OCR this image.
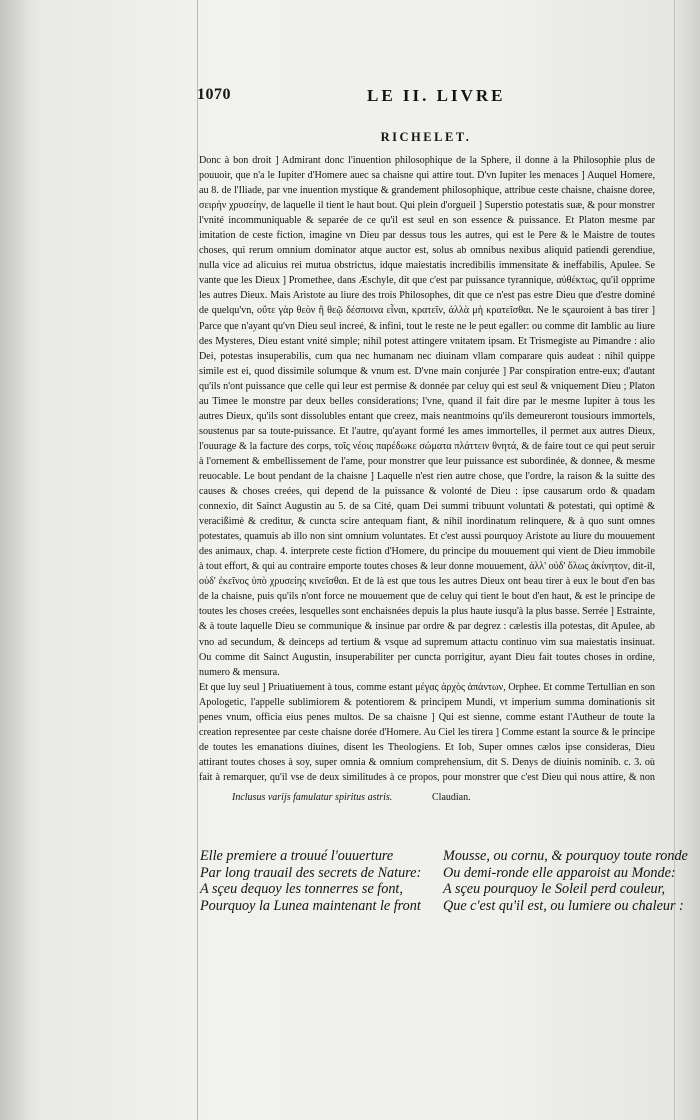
1070	LE II. LIVRE
RICHELET.

Donc à bon droit ] Admirant donc l'inuention philosophique de la Sphere, il donne à la Philosophie plus de pouuoir, que n'a le Iupiter d'Homere auec sa chaisne qui attire tout. D'vn Iupiter les menaces ] Auquel Homere, au 8. de l'Iliade, par vne inuention mystique & grandement philosophique, attribue ceste chaisne, chaisne doree, σειρὴν χρυσείην, de laquelle il tient le haut bout. Qui plein d'orgueil ] Superstio potestatis suæ, & pour monstrer l'vnité incommuniquable & separée de ce qu'il est seul en son essence & puissance. Et Platon mesme par imitation de ceste fiction, imagine vn Dieu par dessus tous les autres, qui est le Pere & le Maistre de toutes choses, qui rerum omnium dominator atque auctor est, solus ab omnibus nexibus aliquid patiendi gerendiue, nulla vice ad alicuius rei mutua obstrictus, idque maiestatis incredibilis immensitate & ineffabilis, Apulee. Se vante que les Dieux ] Promethee, dans Æschyle, dit que c'est par puissance tyrannique, αὐθέκτως, qu'il opprime les autres Dieux. Mais Aristote au liure des trois Philosophes, dit que ce n'est pas estre Dieu que d'estre dominé de quelqu'vn, οὔτε γὰρ θεὸν ἢ θεῷ δέσποινα εἶναι, κρατεῖν, ἀλλὰ μὴ κρατεῖσθαι. Ne le sçauroient à bas tirer ] Parce que n'ayant qu'vn Dieu seul increé, & infini, tout le reste ne le peut egaller: ou comme dit Iamblic au liure des Mysteres, Dieu estant vnité simple; nihil potest attingere vnitatem ipsam. Et Trismegiste au Pimandre : alio Dei, potestas insuperabilis, cum qua nec humanam nec diuinam vllam comparare quis audeat : nihil quippe simile est ei, quod dissimile solumque & vnum est. D'vne main conjurée ] Par conspiration entre-eux; d'autant qu'ils n'ont puissance que celle qui leur est permise & donnée par celuy qui est seul & vniquement Dieu ; Platon au Timee le monstre par deux belles considerations; l'vne, quand il fait dire par le mesme Iupiter à tous les autres Dieux, qu'ils sont dissolubles entant que creez, mais neantmoins qu'ils demeureront tousiours immortels, soustenus par sa toute-puissance. Et l'autre, qu'ayant formé les ames immortelles, il permet aux autres Dieux, l'ouurage & la facture des corps, τοῖς νέοις παρέδωκε σώματα πλάττειν θνητά, & de faire tout ce qui peut seruir à l'ornement & embellissement de l'ame, pour monstrer que leur puissance est subordinée, & donnee, & mesme reuocable. Le bout pendant de la chaisne ] Laquelle n'est rien autre chose, que l'ordre, la raison & la suitte des causes & choses creées, qui depend de la puissance & volonté de Dieu : ipse causarum ordo & quadam connexio, dit Sainct Augustin au 5. de sa Cité, quam Dei summi tribuunt voluntati & potestati, qui optimè & veracißimè & creditur, & cuncta scire antequam fiant, & nihil inordinatum relinquere, & à quo sunt omnes potestates, quamuis ab illo non sint omnium voluntates. Et c'est aussi pourquoy Aristote au liure du mouuement des animaux, chap. 4. interprete ceste fiction d'Homere, du principe du mouuement qui vient de Dieu immobile à tout effort, & qui au contraire emporte toutes choses & leur donne mouuement, ἀλλ' οὐδ' ὅλως ἀκίνητον, dit-il, οὐδ' ἐκεῖνος ὑπὸ χρυσείης κινεῖσθαι. Et de là est que tous les autres Dieux ont beau tirer à eux le bout d'en bas de la chaisne, puis qu'ils n'ont force ne mouuement que de celuy qui tient le bout d'en haut, & est le principe de toutes les choses creées, lesquelles sont enchaisnées depuis la plus haute iusqu'à la plus basse. Serrée ] Estrainte, & à toute laquelle Dieu se communique & insinue par ordre & par degrez : cælestis illa potestas, dit Apulee, ab vno ad secundum, & deinceps ad tertium & vsque ad supremum attactu continuo vim sua maiestatis insinuat. Ou comme dit Sainct Augustin, insuperabiliter per cuncta porrigitur, ayant Dieu fait toutes choses in ordine, numero & mensura.

Et que luy seul ] Priuatiuement à tous, comme estant μέγας ἀρχὸς ἁπάντων, Orphee. Et comme Tertullian en son Apologetic, l'appelle sublimiorem & potentiorem & principem Mundi, vt imperium summa dominationis sit penes vnum, officia eius penes multos. De sa chaisne ] Qui est sienne, comme estant l'Autheur de toute la creation representee par ceste chaisne dorée d'Homere. Au Ciel les tirera ] Comme estant la source & le principe de toutes les emanations diuines, disent les Theologiens. Et Iob, Super omnes cælos ipse consideras, Dieu attirant toutes choses à soy, super omnia & omnium comprehensium, dit S. Denys de diuinis nominib. c. 3. où fait à remarquer, qu'il vse de deux similitudes à ce propos, pour monstrer que c'est Dieu qui nous attire, & non

Inclusus varijs famulatur spiritus astris.	Claudian.
Elle premiere a trouué l'ouuerture
Par long trauail des secrets de Nature:
A sçeu dequoy les tonnerres se font,
Pourquoy la Lunea maintenant le front
Mousse, ou cornu, & pourquoy toute ronde
Ou demi-ronde elle apparoist au Monde:
A sçeu pourquoy le Soleil perd couleur,
Que c'est qu'il est, ou lumiere ou chaleur :
